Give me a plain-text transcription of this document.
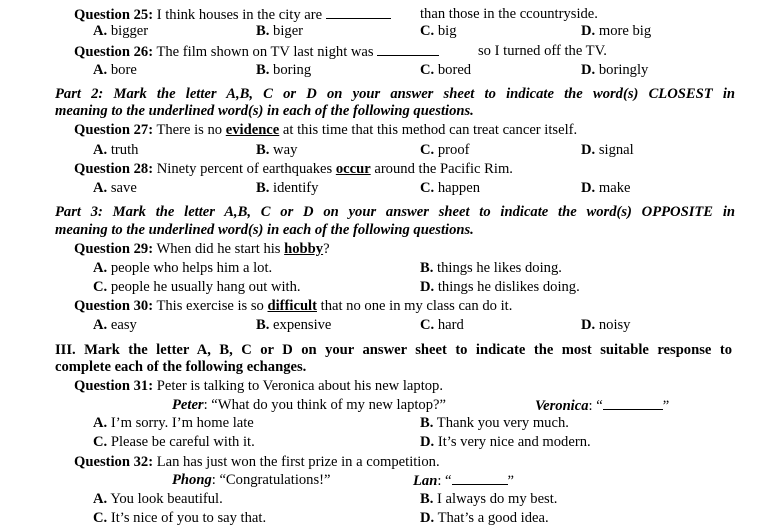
Question 25: I think houses in the city are	than those in the ccountryside.
A. bigger	B. biger	C. big	D. more big
Question 26: The film shown on TV last night was	so I turned off the TV.
A. bore	B. boring	C. bored	D. boringly
Part 2: Mark the letter A,B, C or D on your answer sheet to indicate the word(s) CLOSEST in
meaning to the underlined word(s) in each of the following questions.
Question 27: There is no evidence at this time that this method can treat cancer itself.
A. truth	B. way	C. proof	D. signal
Question 28: Ninety percent of earthquakes occur around the Pacific Rim.
A. save	B. identify	C. happen	D. make
Part 3: Mark the letter A,B, C or D on your answer sheet to indicate the word(s) OPPOSITE in
meaning to the underlined word(s) in each of the following questions.
Question 29: When did he start his hobby?
A. people who helps him a lot.	B. things he likes doing.
C. people he usually hang out with.	D. things he dislikes doing.
Question 30: This exercise is so difficult that no one in my class can do it.
A. easy	B. expensive	C. hard	D. noisy
III. Mark the letter A, B, C or D on your answer sheet to indicate the most suitable response to
complete each of the following echanges.
Question 31: Peter is talking to Veronica about his new laptop.
Peter: “What do you think of my new laptop?”	Veronica: “	”
A. I’m sorry. I’m home late	B. Thank you very much.
C. Please be careful with it.	D. It’s very nice and modern.
Question 32: Lan has just won the first prize in a competition.
Phong: “Congratulations!”	Lan: “	”
A. You look beautiful.	B. I always do my best.
C. It’s nice of you to say that.	D. That’s a good idea.
